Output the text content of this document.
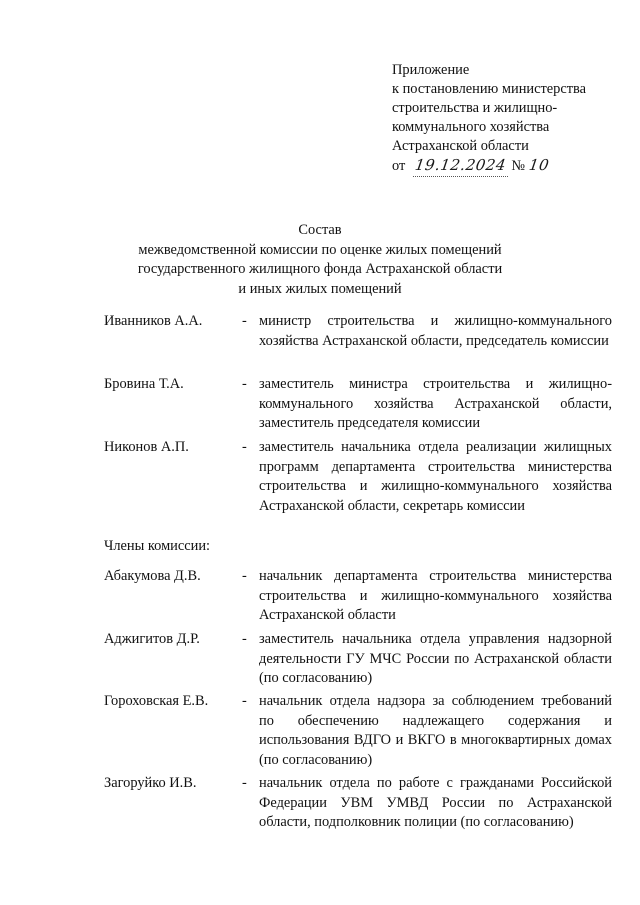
Приложение
к постановлению министерства
строительства и жилищно-
коммунального хозяйства
Астраханской области
от 19.12.2024 № 10
Состав
межведомственной комиссии по оценке жилых помещений
государственного жилищного фонда Астраханской области
и иных жилых помещений
Иванников А.А.	- министр строительства и жилищно-коммунального хозяйства Астраханской области, председатель комиссии
Бровина Т.А.	- заместитель министра строительства и жилищно-коммунального хозяйства Астраханской области, заместитель председателя комиссии
Никонов А.П.	- заместитель начальника отдела реализации жилищных программ департамента строительства министерства строительства и жилищно-коммунального хозяйства Астраханской области, секретарь комиссии
Члены комиссии:
Абакумова Д.В.	- начальник департамента строительства министерства строительства и жилищно-коммунального хозяйства Астраханской области
Аджигитов Д.Р.	- заместитель начальника отдела управления надзорной деятельности ГУ МЧС России по Астраханской области (по согласованию)
Гороховская Е.В. - начальник отдела надзора за соблюдением требований по обеспечению надлежащего содержания и использования ВДГО и ВКГО в многоквартирных домах (по согласованию)
Загоруйко И.В.	- начальник отдела по работе с гражданами Российской Федерации УВМ УМВД России по Астраханской области, подполковник полиции (по согласованию)
